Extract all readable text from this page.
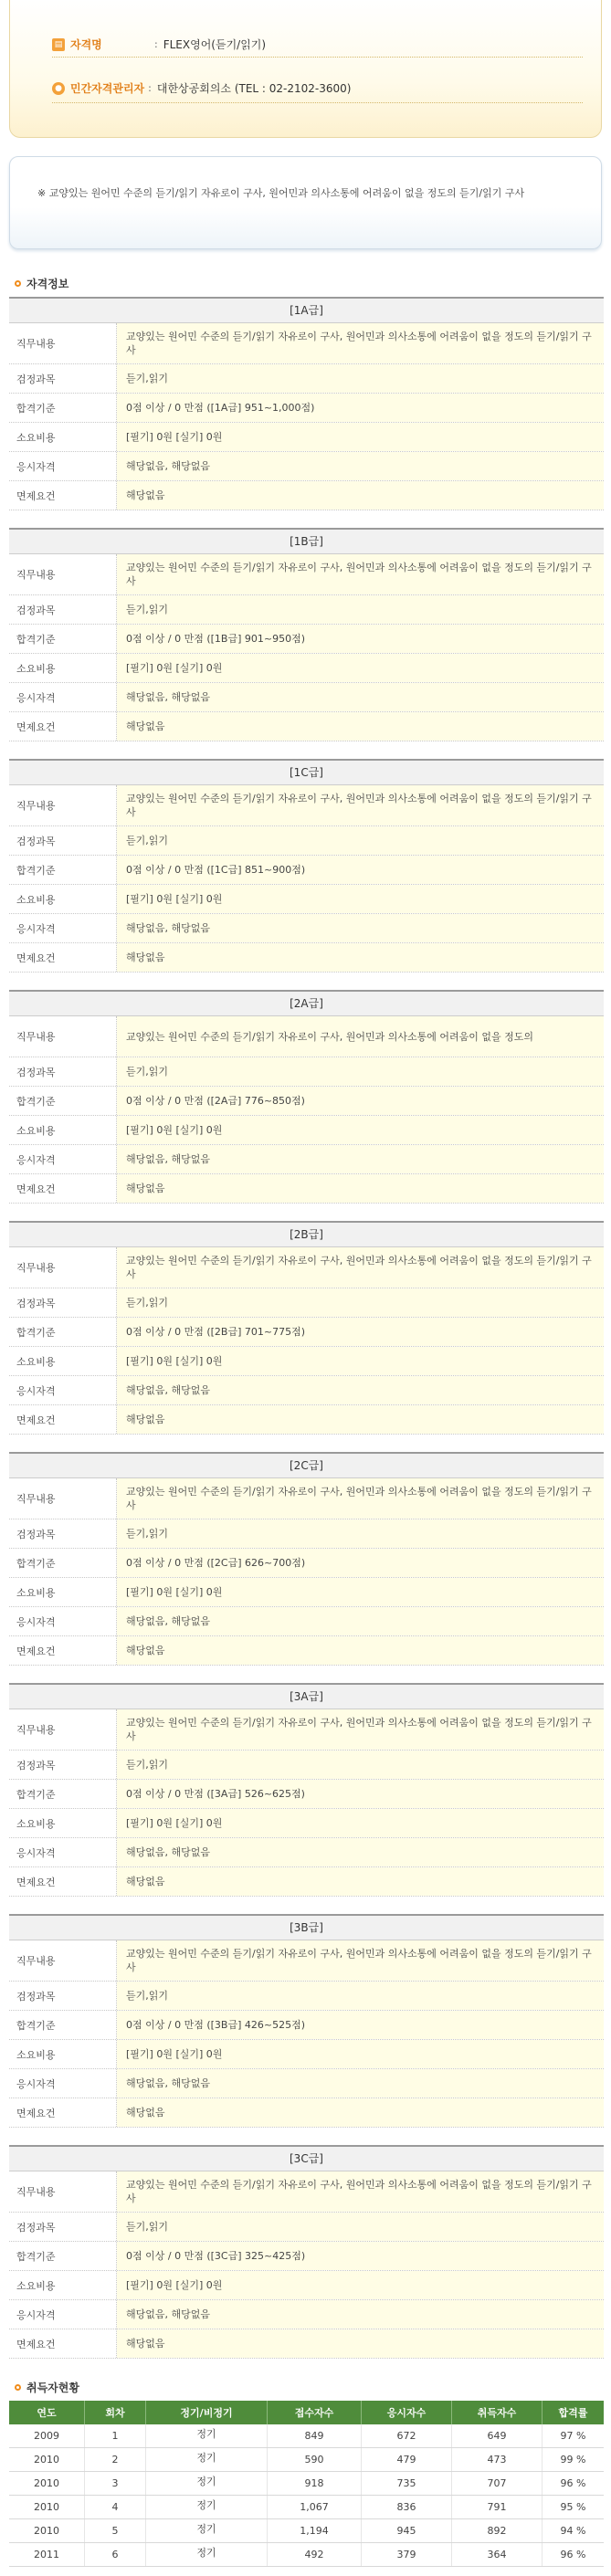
▤ 자격명	: FLEX영어(듣기/읽기)
● 민간자격관리자 : 대한상공회의소 (TEL : 02-2102-3600)
※ 교양있는 원어민 수준의 듣기/읽기 자유로이 구사, 원어민과 의사소통에 어려움이 없을 정도의 듣기/읽기 구사
자격정보
[1A급]
직무내용
교양있는 원어민 수준의 듣기/읽기 자유로이 구사, 원어민과 의사소통에 어려움이 없을 정도의 듣기/읽기 구사
검정과목	듣기,읽기
합격기준	0점 이상 / 0 만점 ([1A급] 951~1,000점)
소요비용	[필기] 0원 [실기] 0원
응시자격	해당없음, 해당없음
면제요건	해당없음
[1B급]
직무내용
교양있는 원어민 수준의 듣기/읽기 자유로이 구사, 원어민과 의사소통에 어려움이 없을 정도의 듣기/읽기 구사
검정과목	듣기,읽기
합격기준	0점 이상 / 0 만점 ([1B급] 901~950점)
소요비용	[필기] 0원 [실기] 0원
응시자격	해당없음, 해당없음
면제요건	해당없음
[1C급]
직무내용
교양있는 원어민 수준의 듣기/읽기 자유로이 구사, 원어민과 의사소통에 어려움이 없을 정도의 듣기/읽기 구사
검정과목	듣기,읽기
합격기준	0점 이상 / 0 만점 ([1C급] 851~900점)
소요비용	[필기] 0원 [실기] 0원
응시자격	해당없음, 해당없음
면제요건	해당없음
[2A급]
직무내용	교양있는 원어민 수준의 듣기/읽기 자유로이 구사, 원어민과 의사소통에 어려움이 없을 정도의
검정과목	듣기,읽기
합격기준	0점 이상 / 0 만점 ([2A급] 776~850점)
소요비용	[필기] 0원 [실기] 0원
응시자격	해당없음, 해당없음
면제요건	해당없음
[2B급]
직무내용
교양있는 원어민 수준의 듣기/읽기 자유로이 구사, 원어민과 의사소통에 어려움이 없을 정도의 듣기/읽기 구사
검정과목	듣기,읽기
합격기준	0점 이상 / 0 만점 ([2B급] 701~775점)
소요비용	[필기] 0원 [실기] 0원
응시자격	해당없음, 해당없음
면제요건	해당없음
[2C급]
직무내용
교양있는 원어민 수준의 듣기/읽기 자유로이 구사, 원어민과 의사소통에 어려움이 없을 정도의 듣기/읽기 구사
검정과목	듣기,읽기
합격기준	0점 이상 / 0 만점 ([2C급] 626~700점)
소요비용	[필기] 0원 [실기] 0원
응시자격	해당없음, 해당없음
면제요건	해당없음
[3A급]
직무내용
교양있는 원어민 수준의 듣기/읽기 자유로이 구사, 원어민과 의사소통에 어려움이 없을 정도의 듣기/읽기 구사
검정과목	듣기,읽기
합격기준	0점 이상 / 0 만점 ([3A급] 526~625점)
소요비용	[필기] 0원 [실기] 0원
응시자격	해당없음, 해당없음
면제요건	해당없음
[3B급]
직무내용
교양있는 원어민 수준의 듣기/읽기 자유로이 구사, 원어민과 의사소통에 어려움이 없을 정도의 듣기/읽기 구사
검정과목	듣기,읽기
합격기준	0점 이상 / 0 만점 ([3B급] 426~525점)
소요비용	[필기] 0원 [실기] 0원
응시자격	해당없음, 해당없음
면제요건	해당없음
[3C급]
직무내용
교양있는 원어민 수준의 듣기/읽기 자유로이 구사, 원어민과 의사소통에 어려움이 없을 정도의 듣기/읽기 구사
검정과목	듣기,읽기
합격기준	0점 이상 / 0 만점 ([3C급] 325~425점)
소요비용	[필기] 0원 [실기] 0원
응시자격	해당없음, 해당없음
면제요건	해당없음
취득자현황
연도	회차	정기/비정기	접수자수	응시자수	취득자수	합격률
2009	1	정기	849	672	649	97 %
2010	2	정기	590	479	473	99 %
2010	3	정기	918	735	707	96 %
2010	4	정기	1,067	836	791	95 %
2010	5	정기	1,194	945	892	94 %
2011	6	정기	492	379	364	96 %
